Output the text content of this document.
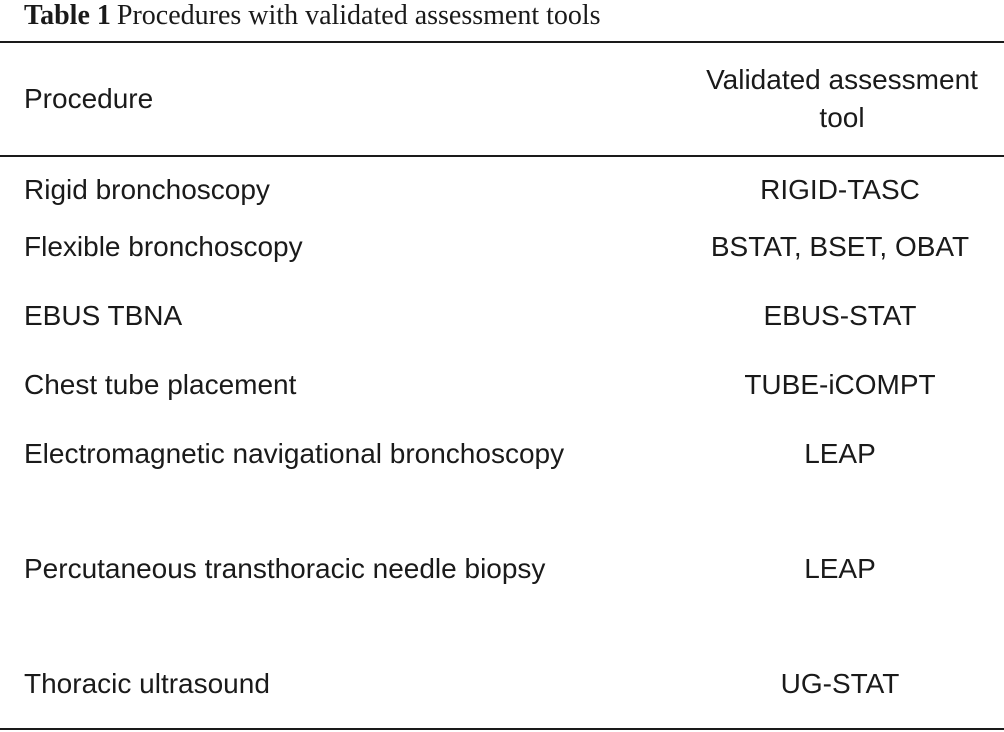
Table 1 Procedures with validated assessment tools
Procedure	Validated assessment tool
Rigid bronchoscopy	RIGID-TASC
Flexible bronchoscopy	BSTAT, BSET, OBAT
EBUS TBNA	EBUS-STAT
Chest tube placement	TUBE-iCOMPT
Electromagnetic navigational bronchoscopy	LEAP
Percutaneous transthoracic needle biopsy	LEAP
Thoracic ultrasound	UG-STAT
